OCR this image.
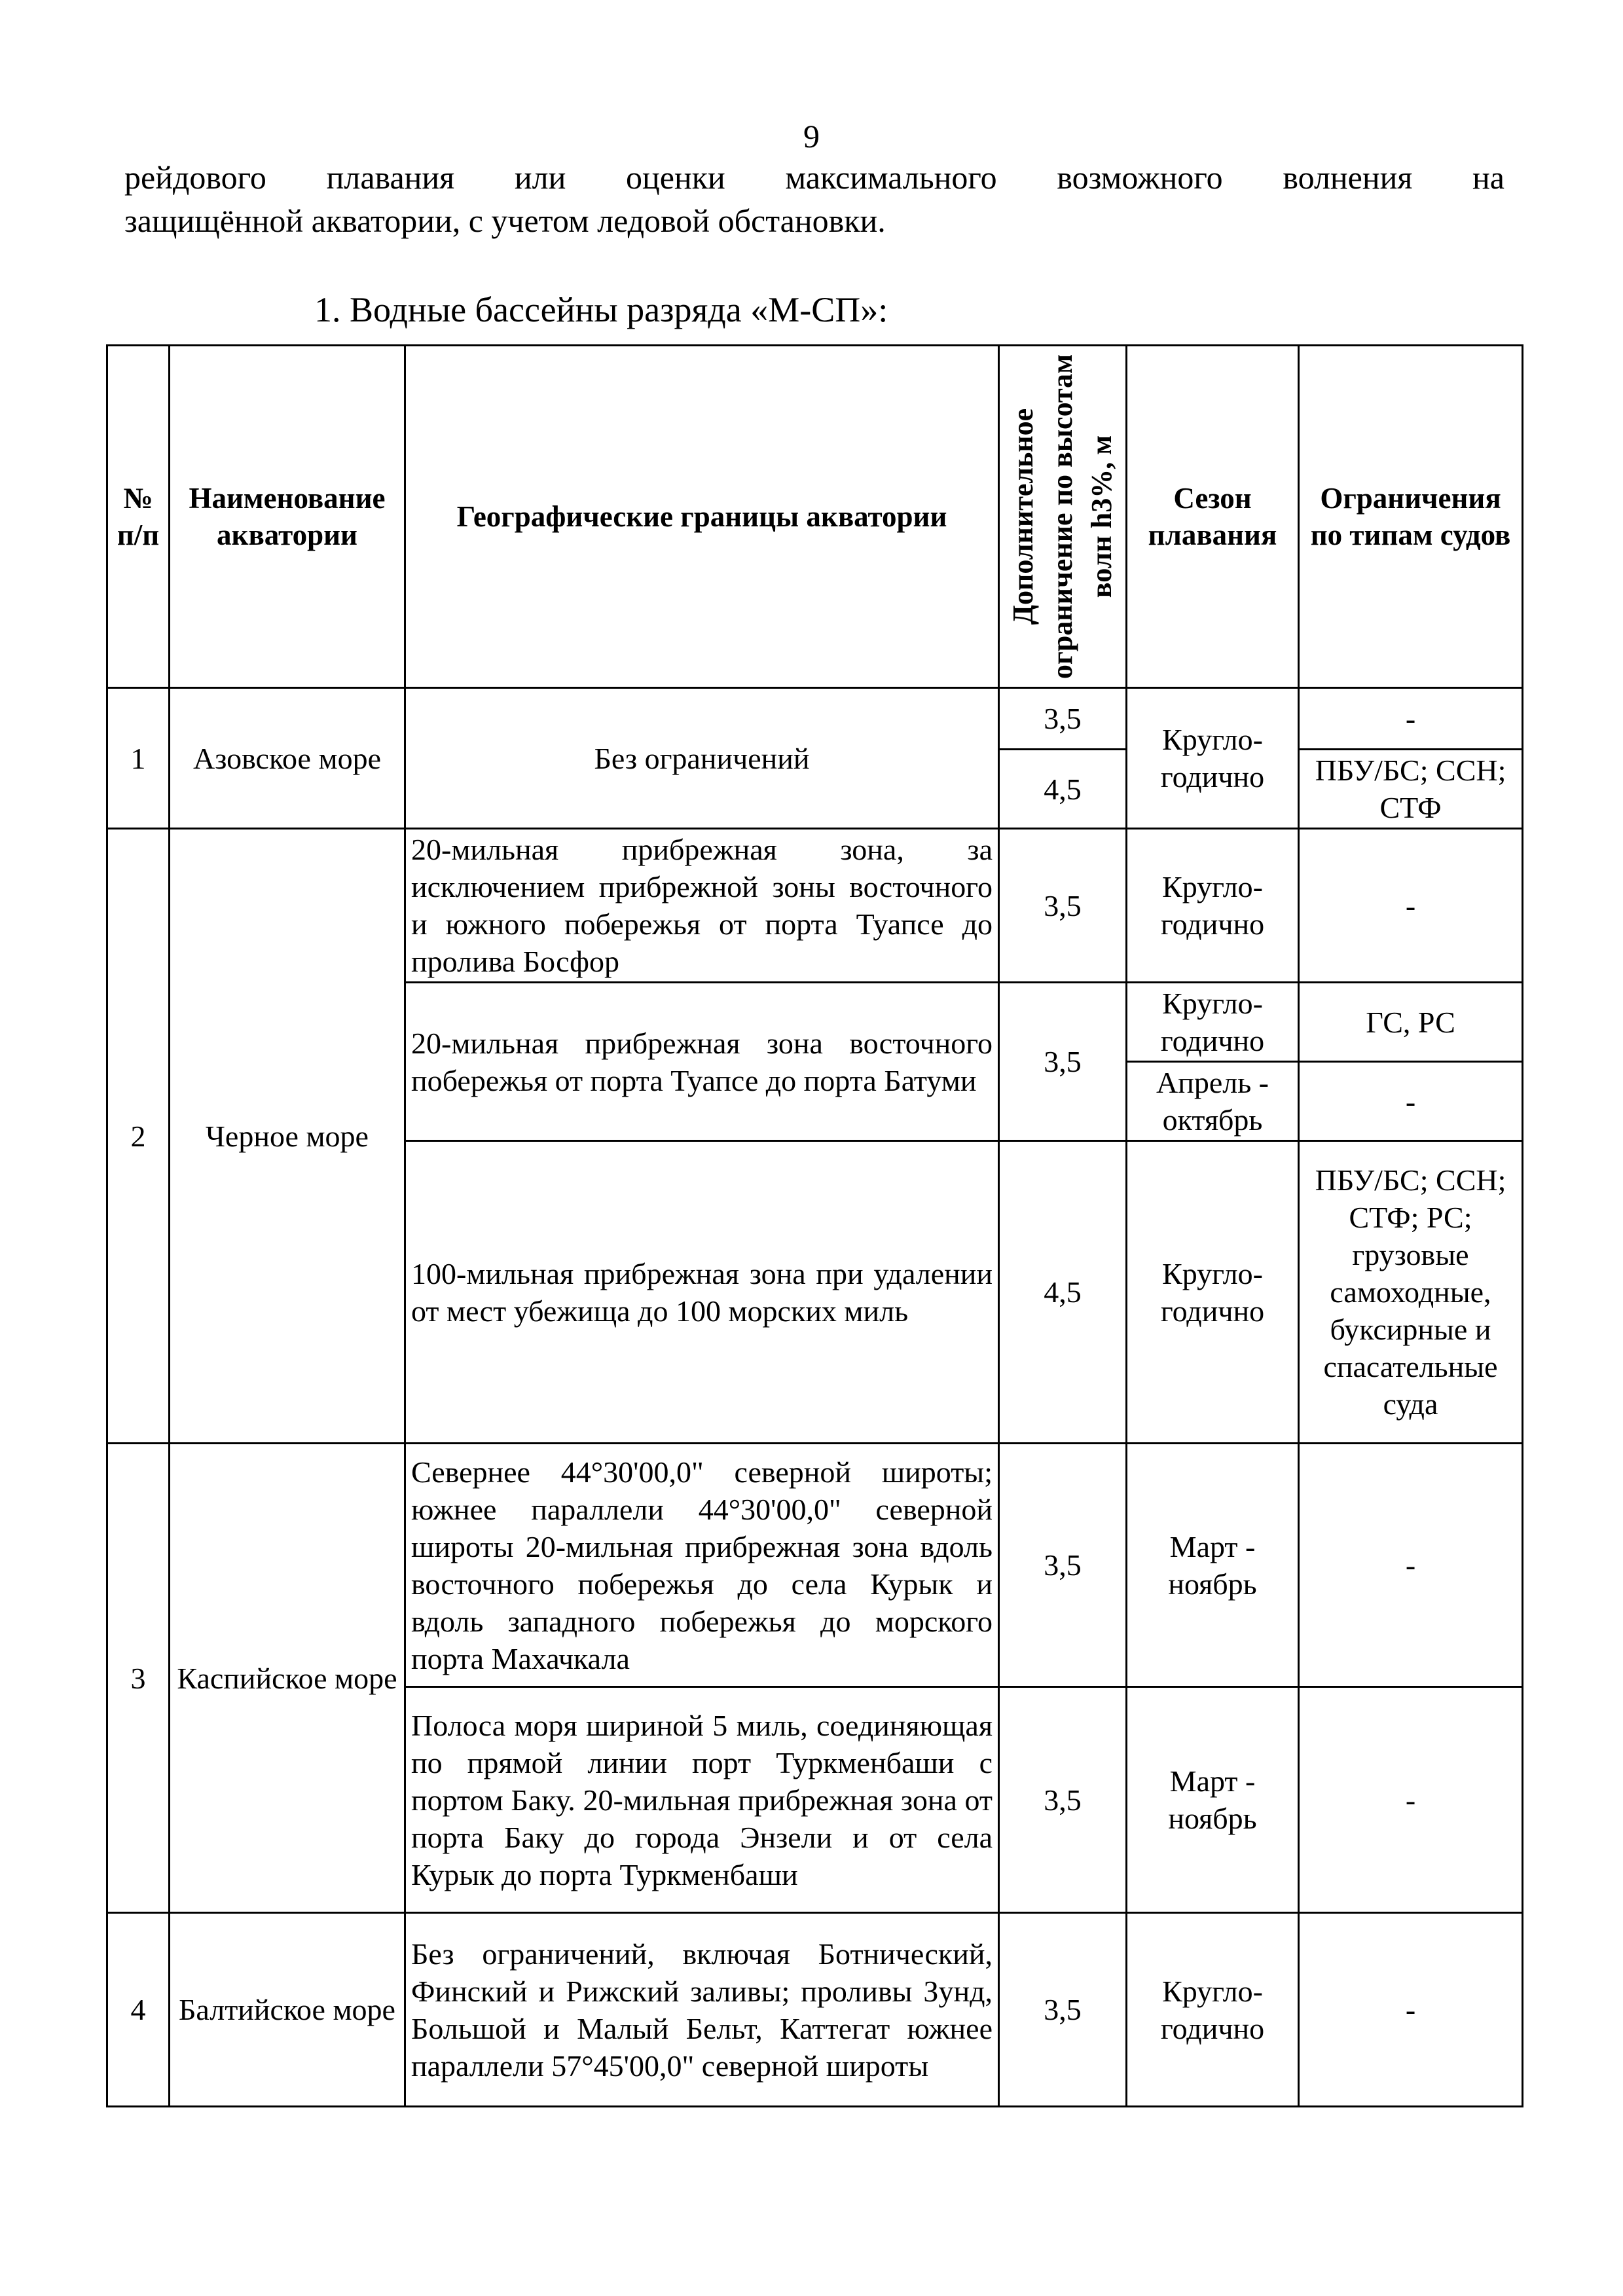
9
рейдового плавания или оценки максимального возможного волнения на
защищённой акватории, с учетом ледовой обстановки.
1. Водные бассейны разряда «М-СП»:
№ п/п	Наименование акватории	Географические границы акватории	Дополнительное ограничение по высотам волн h3%, м	Сезон плавания	Ограничения по типам судов
1	Азовское море	Без ограничений	3,5	Кругло-годично	-
			4,5		ПБУ/БС; ССН; СТФ
2	Черное море	20-мильная прибрежная зона, за исключением прибрежной зоны восточного и южного побережья от порта Туапсе до пролива Босфор	3,5	Кругло-годично	-
		20-мильная прибрежная зона восточного побережья от порта Туапсе до порта Батуми	3,5	Кругло-годично	ГС, РС
				Апрель - октябрь	-
		100-мильная прибрежная зона при удалении от мест убежища до 100 морских миль	4,5	Кругло-годично	ПБУ/БС; ССН; СТФ; РС; грузовые самоходные, буксирные и спасательные суда
3	Каспийское море	Севернее 44°30'00,0" северной широты; южнее параллели 44°30'00,0" северной широты 20-мильная прибрежная зона вдоль восточного побережья до села Курык и вдоль западного побережья до морского порта Махачкала	3,5	Март - ноябрь	-
		Полоса моря шириной 5 миль, соединяющая по прямой линии порт Туркменбаши с портом Баку. 20-мильная прибрежная зона от порта Баку до города Энзели и от села Курык до порта Туркменбаши	3,5	Март - ноябрь	-
4	Балтийское море	Без ограничений, включая Ботнический, Финский и Рижский заливы; проливы Зунд, Большой и Малый Бельт, Каттегат южнее параллели 57°45'00,0" северной широты	3,5	Кругло-годично	-
